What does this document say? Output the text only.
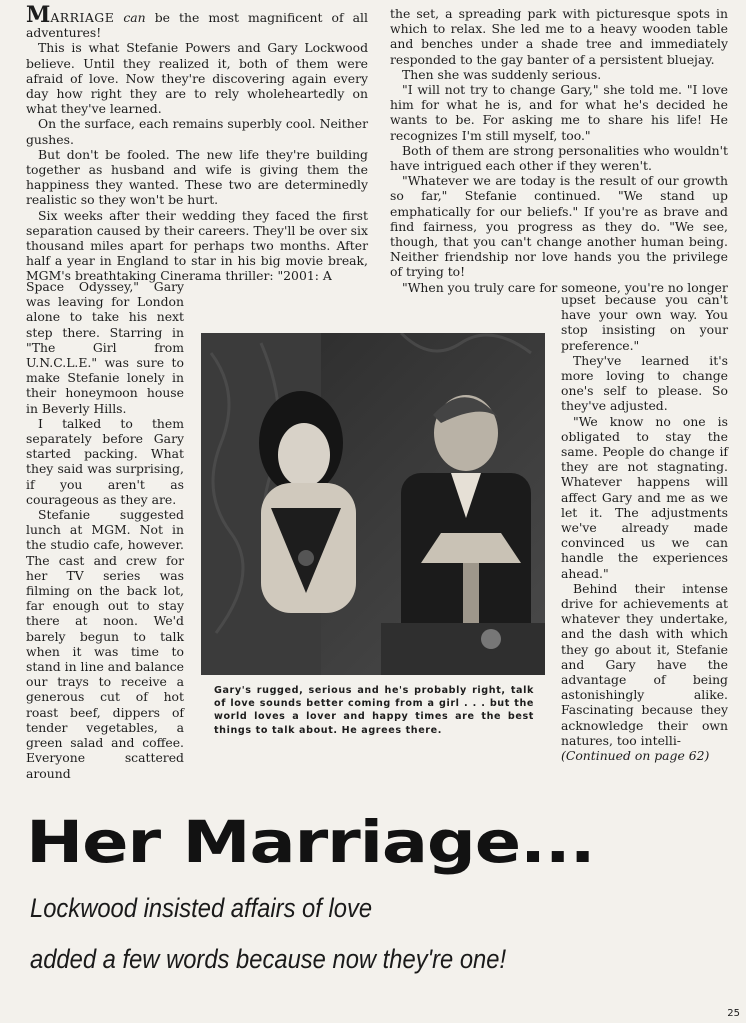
MARRIAGE can be the most magnificent of all adventures!

This is what Stefanie Powers and Gary Lockwood believe. Until they realized it, both of them were afraid of love. Now they're discovering again every day how right they are to rely wholeheartedly on what they've learned.

On the surface, each remains superbly cool. Neither gushes.

But don't be fooled. The new life they're building together as husband and wife is giving them the happiness they wanted. These two are determinedly realistic so they won't be hurt.

Six weeks after their wedding they faced the first separation caused by their careers. They'll be over six thousand miles apart for perhaps two months. After half a year in England to star in his big movie break, MGM's breathtaking Cinerama thriller: "2001: A

Space Odyssey," Gary was leaving for London alone to take his next step there. Starring in "The Girl from U.N.C.L.E." was sure to make Stefanie lonely in their honeymoon house in Beverly Hills.

I talked to them separately before Gary started packing. What they said was surprising, if you aren't as courageous as they are.

Stefanie suggested lunch at MGM. Not in the studio cafe, however. The cast and crew for her TV series was filming on the back lot, far enough out to stay there at noon. We'd barely begun to talk when it was time to stand in line and balance our trays to receive a generous cut of hot roast beef, dippers of tender vegetables, a green salad and coffee. Everyone scattered around

the set, a spreading park with picturesque spots in which to relax. She led me to a heavy wooden table and benches under a shade tree and immediately responded to the gay banter of a persistent bluejay.

Then she was suddenly serious.

"I will not try to change Gary," she told me. "I love him for what he is, and for what he's decided he wants to be. For asking me to share his life! He recognizes I'm still myself, too."

Both of them are strong personalities who wouldn't have intrigued each other if they weren't.

"Whatever we are today is the result of our growth so far," Stefanie continued. "We stand up emphatically for our beliefs." If you're as brave and find fairness, you progress as they do. "We see, though, that you can't change another human being. Neither friendship nor love hands you the privilege of trying to!

"When you truly care for someone, you're no longer

upset because you can't have your own way. You stop insisting on your preference."

They've learned it's more loving to change one's self to please. So they've adjusted.

"We know no one is obligated to stay the same. People do change if they are not stagnating. Whatever happens will affect Gary and me as we let it. The adjustments we've already made convinced us we can handle the experiences ahead."

Behind their intense drive for achievements at whatever they undertake, and the dash with which they go about it, Stefanie and Gary have the advantage of being astonishingly alike. Fascinating because they acknowledge their own natures, too intelli-

(Continued on page 62)

Gary's rugged, serious and he's probably right, talk of love sounds better coming from a girl . . . but the world loves a lover and happy times are the best things to talk about. He agrees there.
Her Marriage...
Lockwood insisted affairs of love
added a few words because now they're one!
25
